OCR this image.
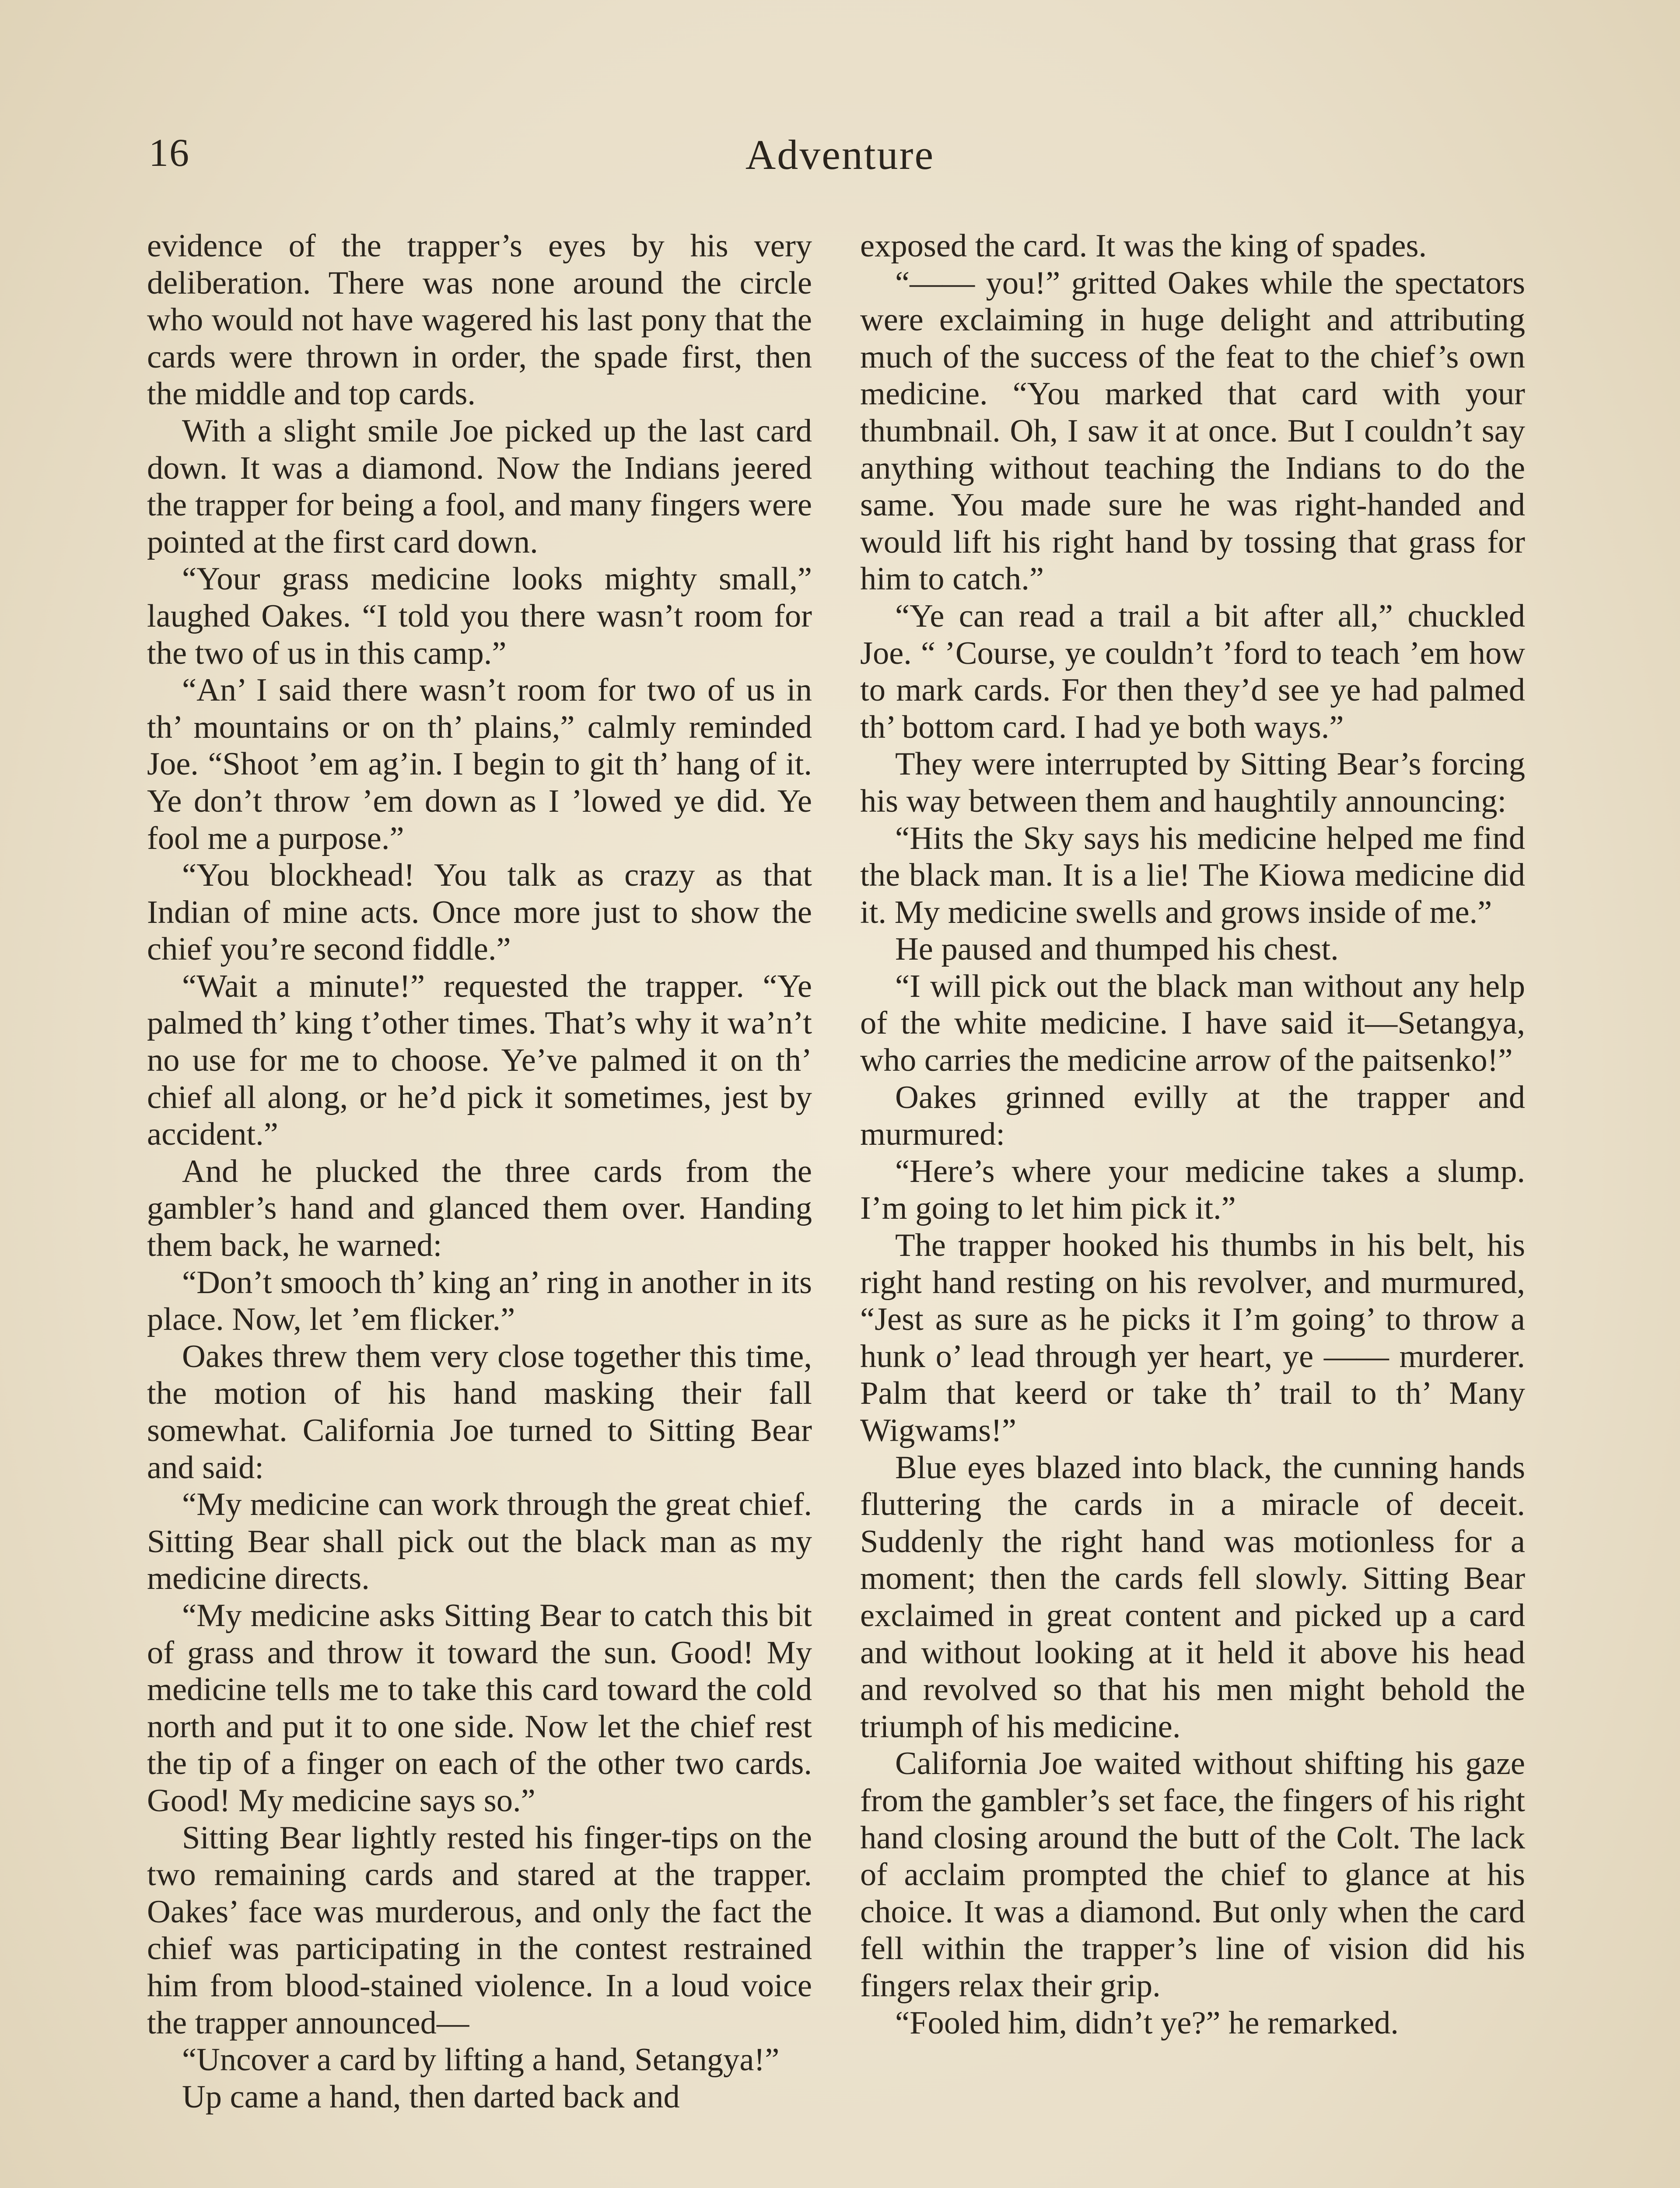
16	Adventure

evidence of the trapper’s eyes by his very deliberation. There was none around the circle who would not have wagered his last pony that the cards were thrown in order, the spade first, then the middle and top cards.

With a slight smile Joe picked up the last card down. It was a diamond. Now the Indians jeered the trapper for being a fool, and many fingers were pointed at the first card down.

“Your grass medicine looks mighty small,” laughed Oakes. “I told you there wasn’t room for the two of us in this camp.”

“An’ I said there wasn’t room for two of us in th’ mountains or on th’ plains,” calmly reminded Joe. “Shoot ’em ag’in. I begin to git th’ hang of it. Ye don’t throw ’em down as I ’lowed ye did. Ye fool me a purpose.”

“You blockhead! You talk as crazy as that Indian of mine acts. Once more just to show the chief you’re second fiddle.”

“Wait a minute!” requested the trapper. “Ye palmed th’ king t’other times. That’s why it wa’n’t no use for me to choose. Ye’ve palmed it on th’ chief all along, or he’d pick it sometimes, jest by accident.”

And he plucked the three cards from the gambler’s hand and glanced them over. Handing them back, he warned:

“Don’t smooch th’ king an’ ring in another in its place. Now, let ’em flicker.”

Oakes threw them very close together this time, the motion of his hand masking their fall somewhat. California Joe turned to Sitting Bear and said:

“My medicine can work through the great chief. Sitting Bear shall pick out the black man as my medicine directs.

“My medicine asks Sitting Bear to catch this bit of grass and throw it toward the sun. Good! My medicine tells me to take this card toward the cold north and put it to one side. Now let the chief rest the tip of a finger on each of the other two cards. Good! My medicine says so.”

Sitting Bear lightly rested his finger-tips on the two remaining cards and stared at the trapper. Oakes’ face was murderous, and only the fact the chief was participating in the contest restrained him from blood-stained violence. In a loud voice the trapper announced—

“Uncover a card by lifting a hand, Setangya!”

Up came a hand, then darted back and

exposed the card. It was the king of spades.

“—— you!” gritted Oakes while the spectators were exclaiming in huge delight and attributing much of the success of the feat to the chief’s own medicine. “You marked that card with your thumbnail. Oh, I saw it at once. But I couldn’t say anything without teaching the Indians to do the same. You made sure he was right-handed and would lift his right hand by tossing that grass for him to catch.”

“Ye can read a trail a bit after all,” chuckled Joe. “ ’Course, ye couldn’t ’ford to teach ’em how to mark cards. For then they’d see ye had palmed th’ bottom card. I had ye both ways.”

They were interrupted by Sitting Bear’s forcing his way between them and haughtily announcing:

“Hits the Sky says his medicine helped me find the black man. It is a lie! The Kiowa medicine did it. My medicine swells and grows inside of me.”

He paused and thumped his chest.

“I will pick out the black man without any help of the white medicine. I have said it—Setangya, who carries the medicine arrow of the paitsenko!”

Oakes grinned evilly at the trapper and murmured:

“Here’s where your medicine takes a slump. I’m going to let him pick it.”

The trapper hooked his thumbs in his belt, his right hand resting on his revolver, and murmured, “Jest as sure as he picks it I’m going’ to throw a hunk o’ lead through yer heart, ye —— murderer. Palm that keerd or take th’ trail to th’ Many Wigwams!”

Blue eyes blazed into black, the cunning hands fluttering the cards in a miracle of deceit. Suddenly the right hand was motionless for a moment; then the cards fell slowly. Sitting Bear exclaimed in great content and picked up a card and without looking at it held it above his head and revolved so that his men might behold the triumph of his medicine.

California Joe waited without shifting his gaze from the gambler’s set face, the fingers of his right hand closing around the butt of the Colt. The lack of acclaim prompted the chief to glance at his choice. It was a diamond. But only when the card fell within the trapper’s line of vision did his fingers relax their grip.

“Fooled him, didn’t ye?” he remarked.
